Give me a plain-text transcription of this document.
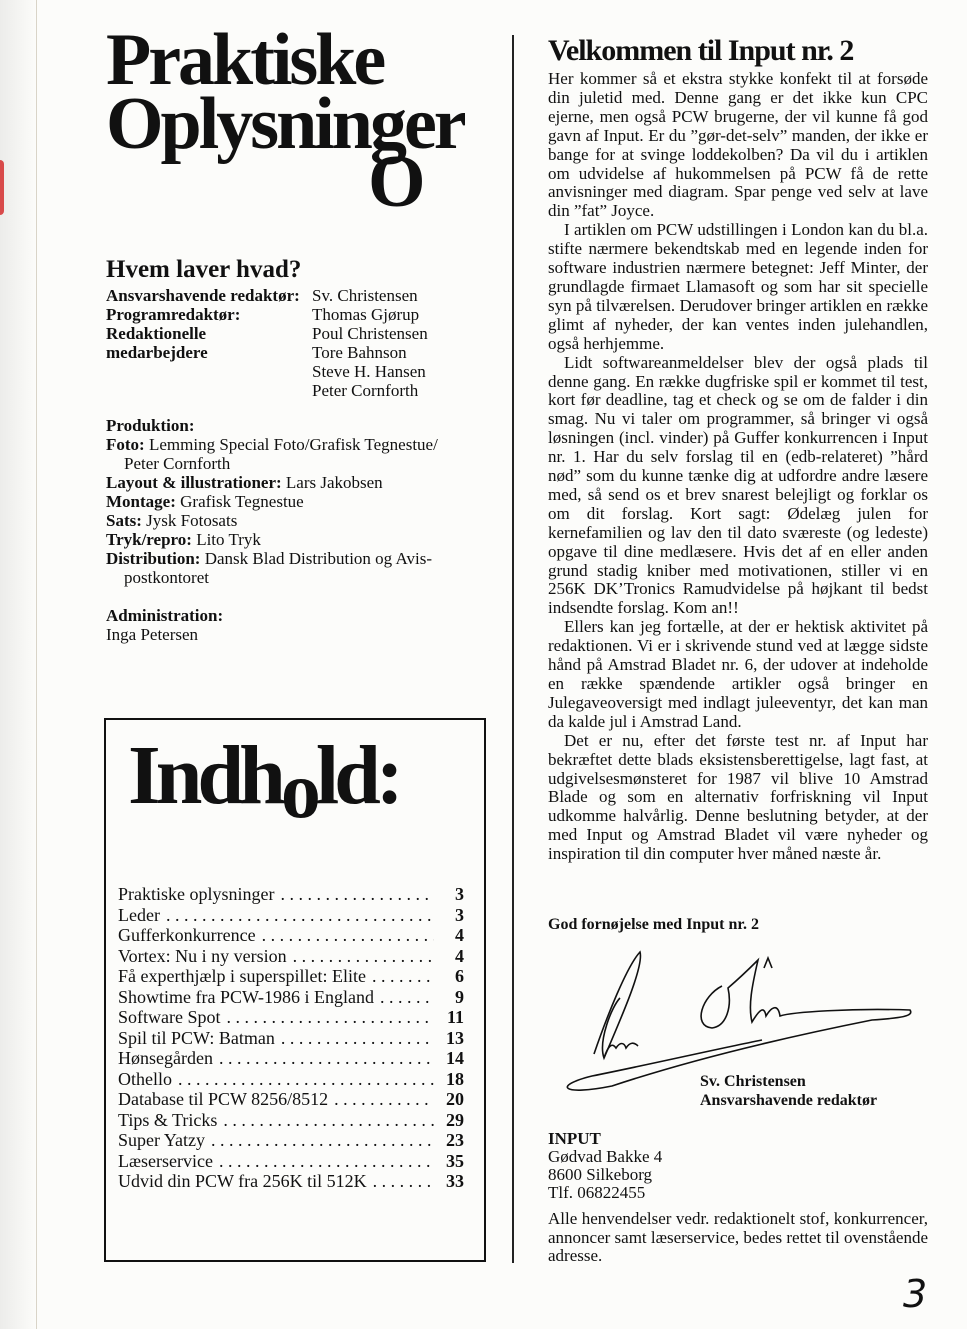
Praktiske
Oplysninger
O
Hvem laver hvad?
Ansvarshavende redaktør: Sv. Christensen
Programredaktør:	Thomas Gjørup
Redaktionelle	Poul Christensen
medarbejdere	Tore Bahnson
Steve H. Hansen
Peter Cornforth
Produktion:
Foto: Lemming Special Foto/Grafisk Tegnestue/
Peter Cornforth
Layout & illustrationer: Lars Jakobsen
Montage: Grafisk Tegnestue
Sats: Jysk Fotosats
Tryk/repro: Lito Tryk
Distribution: Dansk Blad Distribution og Avis-
postkontoret
Administration:
Inga Petersen
Indhold:
Praktiske oplysninger . . .	3
Leder . . .	3
Gufferkonkurrence . . .	4
Vortex: Nu i ny version . . .	4
Få experthjælp i superspillet: Elite . . .	6
Showtime fra PCW-1986 i England . . .	9
Software Spot . . .	11
Spil til PCW: Batman . . .	13
Hønsegården . . .	14
Othello . . .	18
Database til PCW 8256/8512 . . .	20
Tips & Tricks . . .	29
Super Yatzy . . .	23
Læserservice . . .	35
Udvid din PCW fra 256K til 512K . . .	33
Velkommen til Input nr. 2

Her kommer så et ekstra stykke konfekt til at forsøde din juletid med. Denne gang er det ikke kun CPC ejerne, men også PCW brugerne, der vil kunne få god gavn af Input. Er du ”gør-det-selv” manden, der ikke er bange for at svinge loddekolben? Da vil du i artiklen om udvidelse af hukommelsen på PCW få de rette anvisninger med diagram. Spar penge ved selv at lave din ”fat” Joyce.

I artiklen om PCW udstillingen i London kan du bl.a. stifte nærmere bekendtskab med en legende inden for software industrien nærmere betegnet: Jeff Minter, der grundlagde firmaet Llamasoft og som har sit specielle syn på tilværelsen. Derudover bringer artiklen en række glimt af nyheder, der kan ventes inden julehandlen, også herhjemme.

Lidt softwareanmeldelser blev der også plads til denne gang. En række dugfriske spil er kommet til test, kort før deadline, tag et check og se om de falder i din smag. Nu vi taler om programmer, så bringer vi også løsningen (incl. vinder) på Guffer konkurrencen i Input nr. 1. Har du selv forslag til en (edb-relateret) ”hård nød” som du kunne tænke dig at udfordre andre læsere med, så send os et brev snarest belejligt og forklar os om dit forslag. Kort sagt: Ødelæg julen for kernefamilien og lav den til dato sværeste (og ledeste) opgave til dine medlæsere. Hvis det af en eller anden grund stadig kniber med motivationen, stiller vi en 256K DK’Tronics Ramudvidelse på højkant til bedst indsendte forslag. Kom an!!

Ellers kan jeg fortælle, at der er hektisk aktivitet på redaktionen. Vi er i skrivende stund ved at lægge sidste hånd på Amstrad Bladet nr. 6, der udover at indeholde en række spændende artikler også bringer en Julegaveoversigt med indlagt juleeventyr, det kan man da kalde jul i Amstrad Land.

Det er nu, efter det første test nr. af Input har bekræftet dette blads eksistensberettigelse, lagt fast, at udgivelsesmønsteret for 1987 vil blive 10 Amstrad Blade og som en alternativ forfriskning vil Input udkomme halvårlig. Denne beslutning betyder, at der med Input og Amstrad Bladet vil være nyheder og inspiration til din computer hver måned næste år.

God fornøjelse med Input nr. 2
Sv. Christensen
Ansvarshavende redaktør
INPUT
Gødvad Bakke 4
8600 Silkeborg
Tlf. 06822455
Alle henvendelser vedr. redaktionelt stof, konkurrencer, annoncer samt læserservice, bedes rettet til ovenstående adresse.
3
